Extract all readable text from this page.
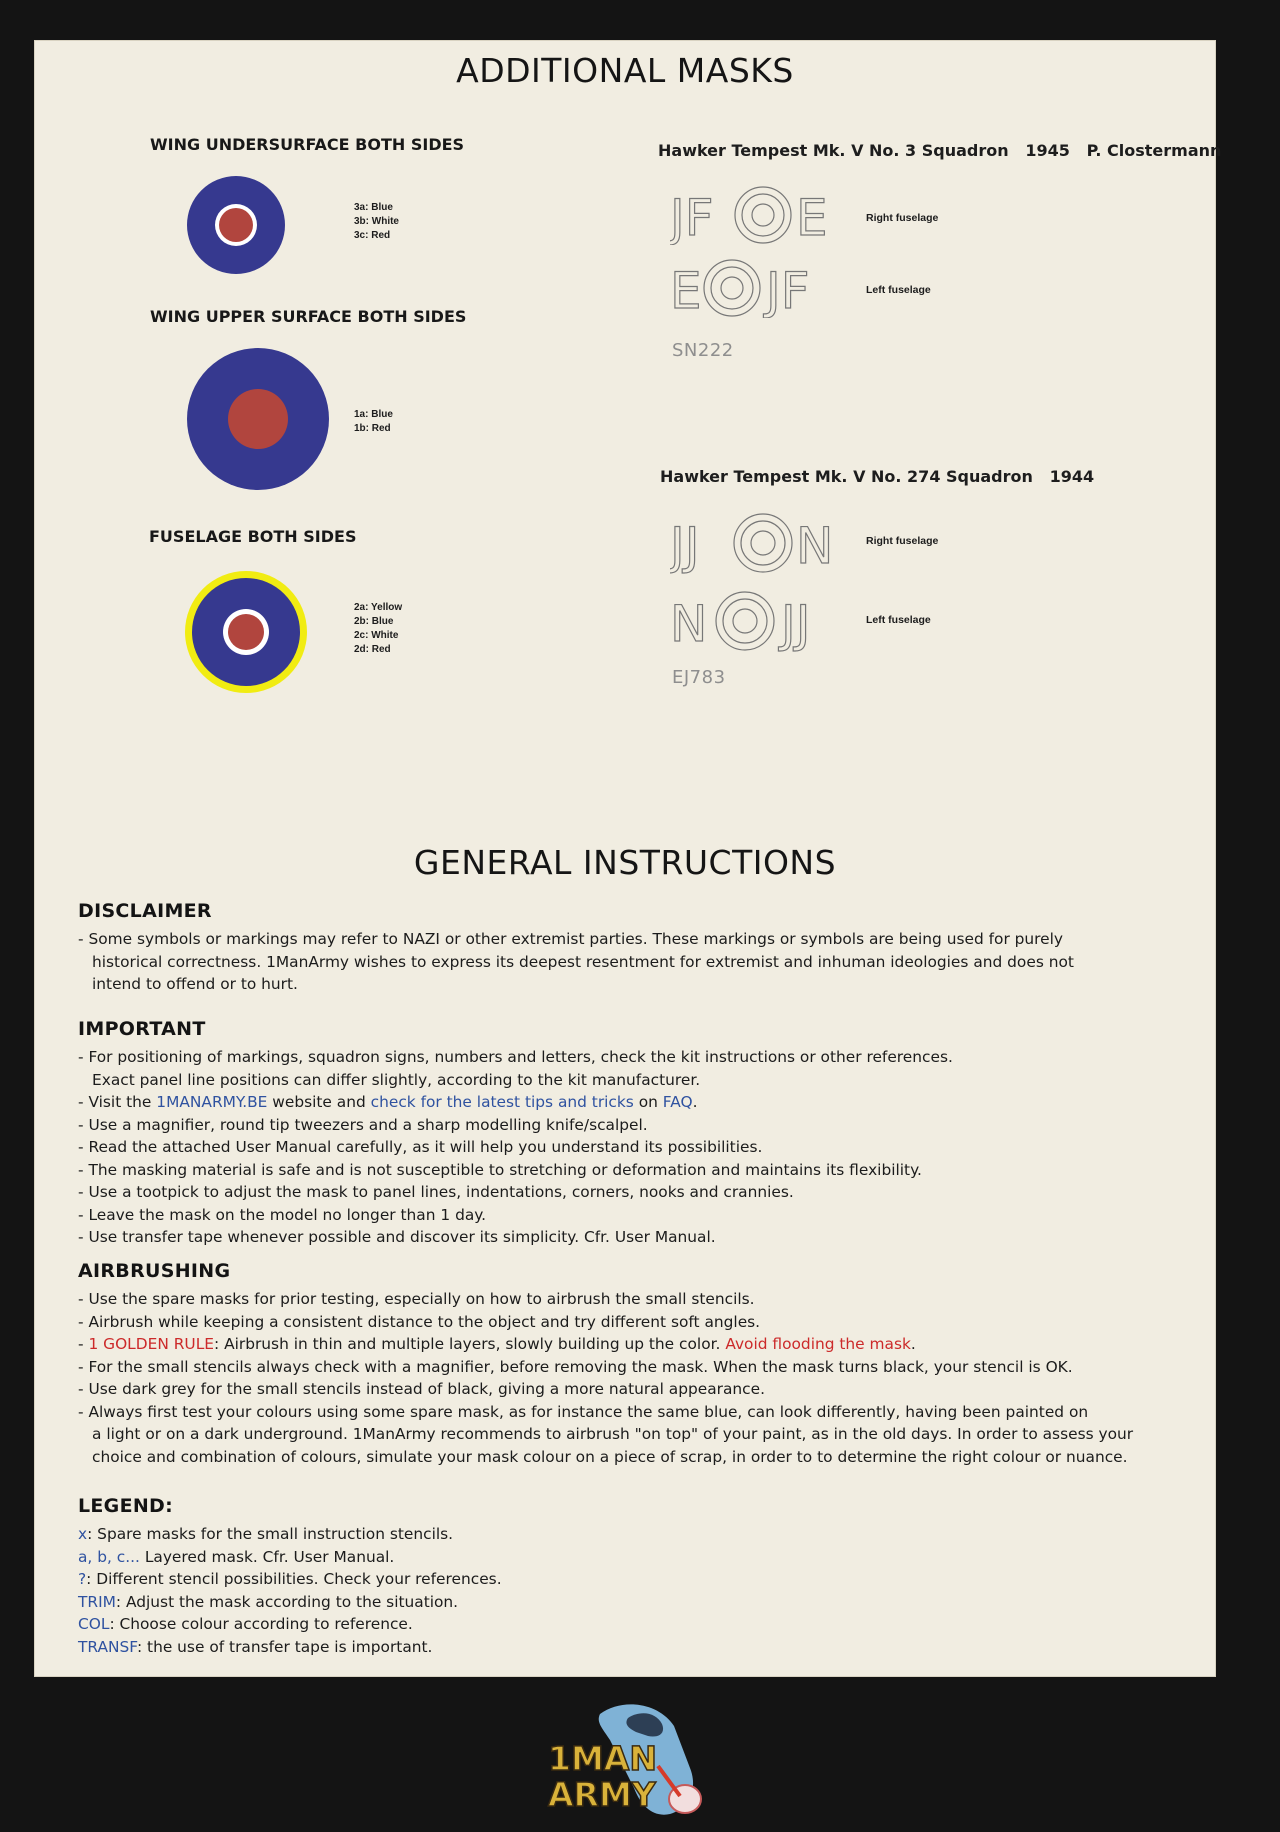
ADDITIONAL MASKS
WING UNDERSURFACE BOTH SIDES
3a: Blue
3b: White
3c: Red
WING UPPER SURFACE BOTH SIDES
1a: Blue
1b: Red
FUSELAGE BOTH SIDES
2a: Yellow
2b: Blue
2c: White
2d: Red
Hawker Tempest Mk. V No. 3 Squadron   1945   P. Clostermann
JF E	Right fuselage
E JF	Left fuselage
SN222
Hawker Tempest Mk. V No. 274 Squadron   1944
JJ N	Right fuselage
N JJ	Left fuselage
EJ783
GENERAL INSTRUCTIONS
DISCLAIMER
- Some symbols or markings may refer to NAZI or other extremist parties. These markings or symbols are being used for purely
historical correctness. 1ManArmy wishes to express its deepest resentment for extremist and inhuman ideologies and does not
intend to offend or to hurt.
IMPORTANT
- For positioning of markings, squadron signs, numbers and letters, check the kit instructions or other references.
Exact panel line positions can differ slightly, according to the kit manufacturer.
- Visit the 1MANARMY.BE website and check for the latest tips and tricks on FAQ.
- Use a magnifier, round tip tweezers and a sharp modelling knife/scalpel.
- Read the attached User Manual carefully, as it will help you understand its possibilities.
- The masking material is safe and is not susceptible to stretching or deformation and maintains its flexibility.
- Use a tootpick to adjust the mask to panel lines, indentations, corners, nooks and crannies.
- Leave the mask on the model no longer than 1 day.
- Use transfer tape whenever possible and discover its simplicity. Cfr. User Manual.
AIRBRUSHING
- Use the spare masks for prior testing, especially on how to airbrush the small stencils.
- Airbrush while keeping a consistent distance to the object and try different soft angles.
- 1 GOLDEN RULE: Airbrush in thin and multiple layers, slowly building up the color. Avoid flooding the mask.
- For the small stencils always check with a magnifier, before removing the mask. When the mask turns black, your stencil is OK.
- Use dark grey for the small stencils instead of black, giving a more natural appearance.
- Always first test your colours using some spare mask, as for instance the same blue, can look differently, having been painted on
a light or on a dark underground. 1ManArmy recommends to airbrush "on top" of your paint, as in the old days. In order to assess your
choice and combination of colours, simulate your mask colour on a piece of scrap, in order to to determine the right colour or nuance.
LEGEND:
x: Spare masks for the small instruction stencils.
a, b, c... Layered mask. Cfr. User Manual.
?: Different stencil possibilities. Check your references.
TRIM: Adjust the mask according to the situation.
COL: Choose colour according to reference.
TRANSF: the use of transfer tape is important.
1MAN
ARMY
